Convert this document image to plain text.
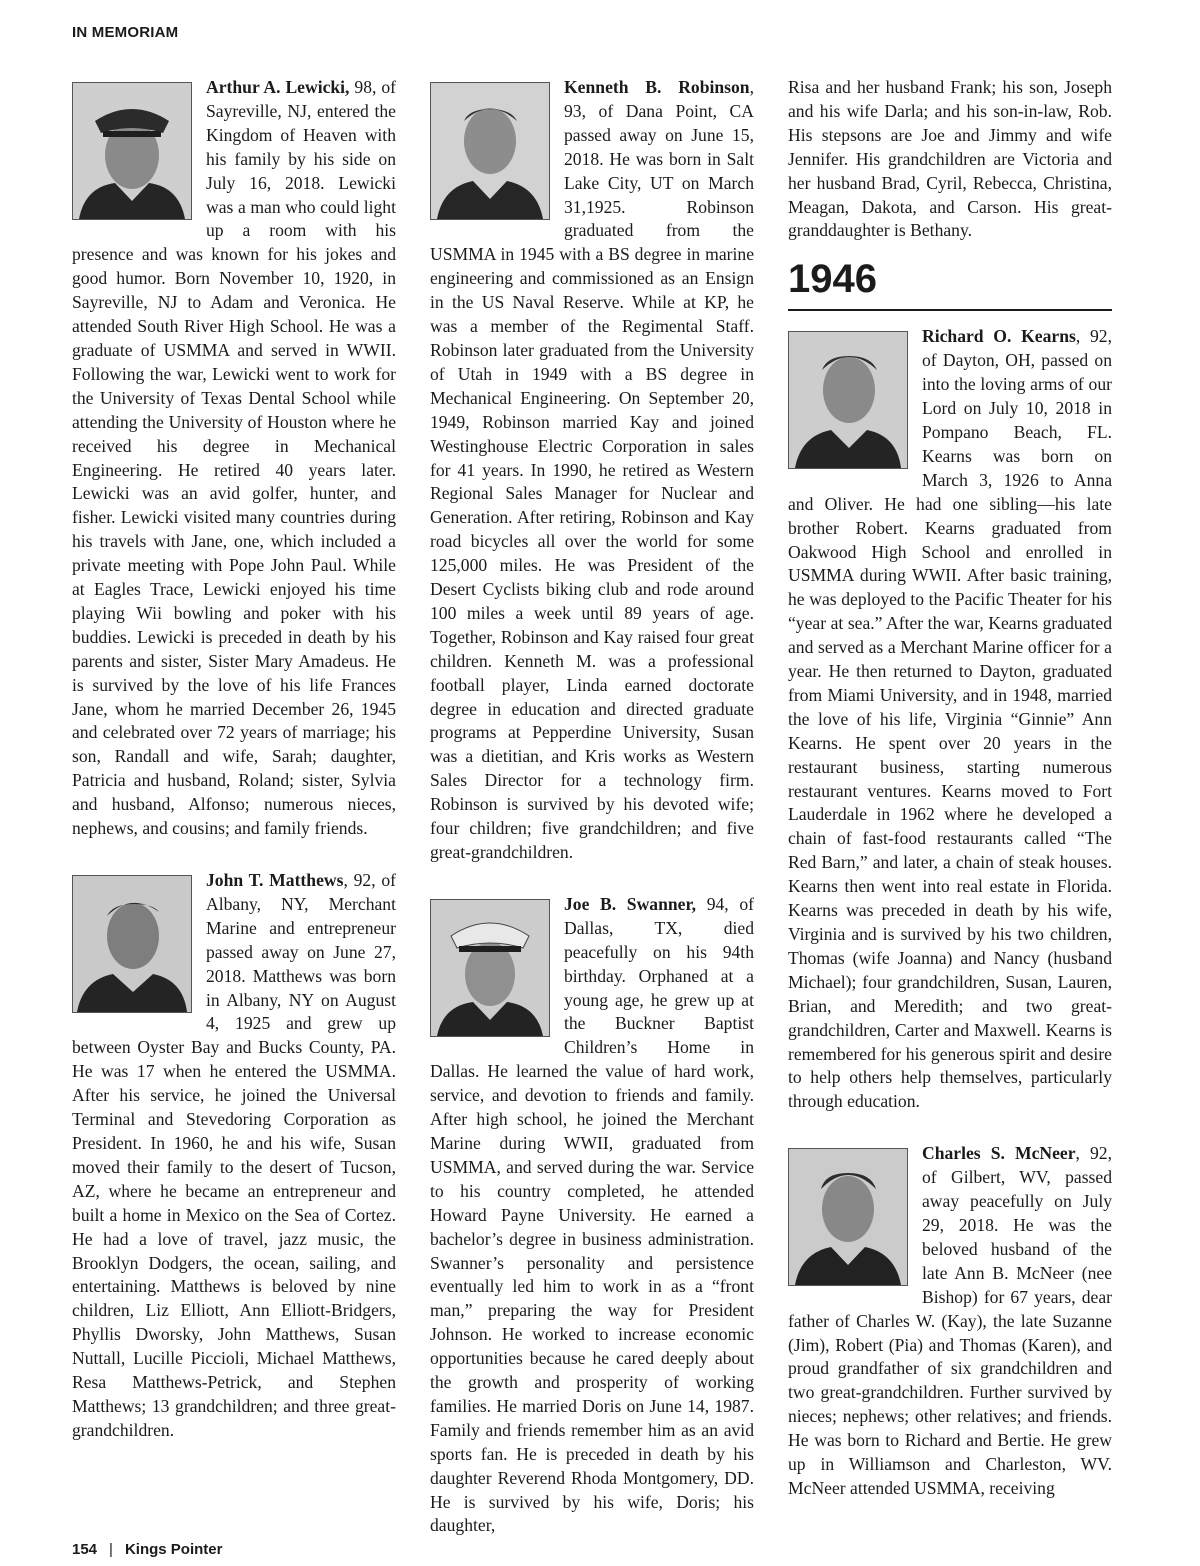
IN MEMORIAM

Arthur A. Lewicki, 98, of Sayreville, NJ, entered the Kingdom of Heaven with his family by his side on July 16, 2018. Lewicki was a man who could light up a room with his presence and was known for his jokes and good humor. Born November 10, 1920, in Sayreville, NJ to Adam and Veronica. He attended South River High School. He was a graduate of USMMA and served in WWII. Following the war, Lewicki went to work for the University of Texas Dental School while attending the University of Houston where he received his degree in Mechanical Engineering. He retired 40 years later. Lewicki was an avid golfer, hunter, and fisher. Lewicki visited many countries during his travels with Jane, one, which included a private meeting with Pope John Paul. While at Eagles Trace, Lewicki enjoyed his time playing Wii bowling and poker with his buddies. Lewicki is preceded in death by his parents and sister, Sister Mary Amadeus. He is survived by the love of his life Frances Jane, whom he married December 26, 1945 and celebrated over 72 years of marriage; his son, Randall and wife, Sarah; daughter, Patricia and husband, Roland; sister, Sylvia and husband, Alfonso; numerous nieces, nephews, and cousins; and family friends.

John T. Matthews, 92, of Albany, NY, Merchant Marine and entrepreneur passed away on June 27, 2018. Matthews was born in Albany, NY on August 4, 1925 and grew up between Oyster Bay and Bucks County, PA. He was 17 when he entered the USMMA. After his service, he joined the Universal Terminal and Stevedoring Corporation as President. In 1960, he and his wife, Susan moved their family to the desert of Tucson, AZ, where he became an entrepreneur and built a home in Mexico on the Sea of Cortez. He had a love of travel, jazz music, the Brooklyn Dodgers, the ocean, sailing, and entertaining. Matthews is beloved by nine children, Liz Elliott, Ann Elliott-Bridgers, Phyllis Dworsky, John Matthews, Susan Nuttall, Lucille Piccioli, Michael Matthews, Resa Matthews-Petrick, and Stephen Matthews; 13 grandchildren; and three great-grandchildren.

Kenneth B. Robinson, 93, of Dana Point, CA passed away on June 15, 2018. He was born in Salt Lake City, UT on March 31,1925. Robinson graduated from the USMMA in 1945 with a BS degree in marine engineering and commissioned as an Ensign in the US Naval Reserve. While at KP, he was a member of the Regimental Staff. Robinson later graduated from the University of Utah in 1949 with a BS degree in Mechanical Engineering. On September 20, 1949, Robinson married Kay and joined Westinghouse Electric Corporation in sales for 41 years. In 1990, he retired as Western Regional Sales Manager for Nuclear and Generation. After retiring, Robinson and Kay road bicycles all over the world for some 125,000 miles. He was President of the Desert Cyclists biking club and rode around 100 miles a week until 89 years of age. Together, Robinson and Kay raised four great children. Kenneth M. was a professional football player, Linda earned doctorate degree in education and directed graduate programs at Pepperdine University, Susan was a dietitian, and Kris works as Western Sales Director for a technology firm. Robinson is survived by his devoted wife; four children; five grandchildren; and five great-grandchildren.

Joe B. Swanner, 94, of Dallas, TX, died peacefully on his 94th birthday. Orphaned at a young age, he grew up at the Buckner Baptist Children’s Home in Dallas. He learned the value of hard work, service, and devotion to friends and family. After high school, he joined the Merchant Marine during WWII, graduated from USMMA, and served during the war. Service to his country completed, he attended Howard Payne University. He earned a bachelor’s degree in business administration. Swanner’s personality and persistence eventually led him to work in as a “front man,” preparing the way for President Johnson. He worked to increase economic opportunities because he cared deeply about the growth and prosperity of working families. He married Doris on June 14, 1987. Family and friends remember him as an avid sports fan. He is preceded in death by his daughter Reverend Rhoda Montgomery, DD. He is survived by his wife, Doris; his daughter,

Risa and her husband Frank; his son, Joseph and his wife Darla; and his son-in-law, Rob. His stepsons are Joe and Jimmy and wife Jennifer. His grandchildren are Victoria and her husband Brad, Cyril, Rebecca, Christina, Meagan, Dakota, and Carson. His great-granddaughter is Bethany.

1946

Richard O. Kearns, 92, of Dayton, OH, passed on into the loving arms of our Lord on July 10, 2018 in Pompano Beach, FL. Kearns was born on March 3, 1926 to Anna and Oliver. He had one sibling—his late brother Robert. Kearns graduated from Oakwood High School and enrolled in USMMA during WWII. After basic training, he was deployed to the Pacific Theater for his “year at sea.” After the war, Kearns graduated and served as a Merchant Marine officer for a year. He then returned to Dayton, graduated from Miami University, and in 1948, married the love of his life, Virginia “Ginnie” Ann Kearns. He spent over 20 years in the restaurant business, starting numerous restaurant ventures. Kearns moved to Fort Lauderdale in 1962 where he developed a chain of fast-food restaurants called “The Red Barn,” and later, a chain of steak houses. Kearns then went into real estate in Florida. Kearns was preceded in death by his wife, Virginia and is survived by his two children, Thomas (wife Joanna) and Nancy (husband Michael); four grandchildren, Susan, Lauren, Brian, and Meredith; and two great-grandchildren, Carter and Maxwell. Kearns is remembered for his generous spirit and desire to help others help themselves, particularly through education.

Charles S. McNeer, 92, of Gilbert, WV, passed away peacefully on July 29, 2018. He was the beloved husband of the late Ann B. McNeer (nee Bishop) for 67 years, dear father of Charles W. (Kay), the late Suzanne (Jim), Robert (Pia) and Thomas (Karen), and proud grandfather of six grandchildren and two great-grandchildren. Further survived by nieces; nephews; other relatives; and friends. He was born to Richard and Bertie. He grew up in Williamson and Charleston, WV. McNeer attended USMMA, receiving

154 | Kings Pointer
